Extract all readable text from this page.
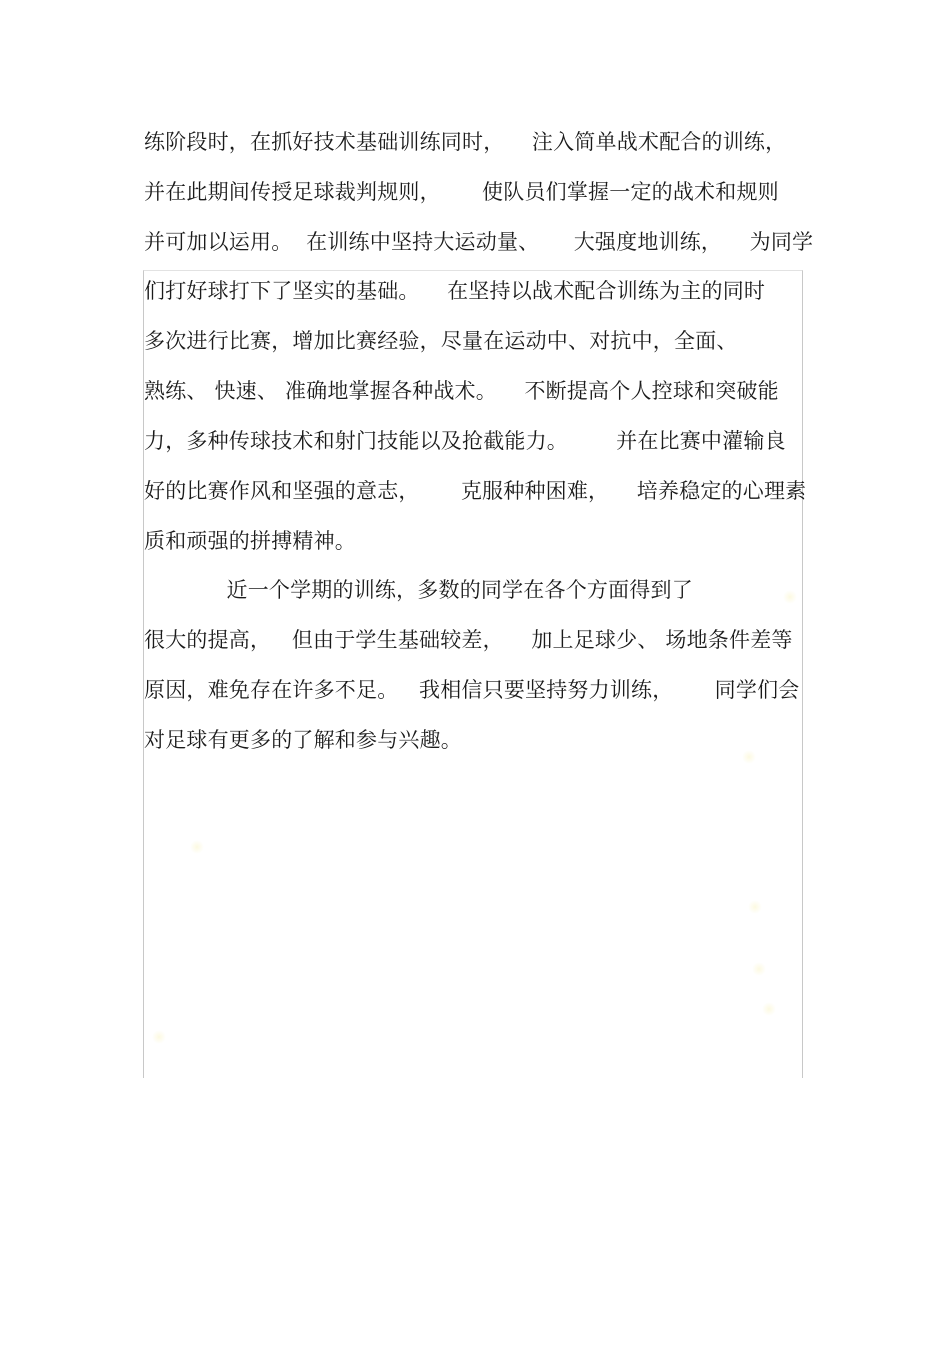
练阶段时，在抓好技术基础训练同时，    注入简单战术配合的训练，
并在此期间传授足球裁判规则，      使队员们掌握一定的战术和规则
并可加以运用。  在训练中坚持大运动量、     大强度地训练，    为同学
们打好球打下了坚实的基础。    在坚持以战术配合训练为主的同时
多次进行比赛，增加比赛经验，尽量在运动中、对抗中，全面、
熟练、 快速、 准确地掌握各种战术。    不断提高个人控球和突破能
力，多种传球技术和射门技能以及抢截能力。       并在比赛中灌输良
好的比赛作风和坚强的意志，      克服种种困难，    培养稳定的心理素
质和顽强的拼搏精神。
近一个学期的训练，多数的同学在各个方面得到了
很大的提高，   但由于学生基础较差，    加上足球少、 场地条件差等
原因，难免存在许多不足。   我相信只要坚持努力训练，      同学们会
对足球有更多的了解和参与兴趣。
